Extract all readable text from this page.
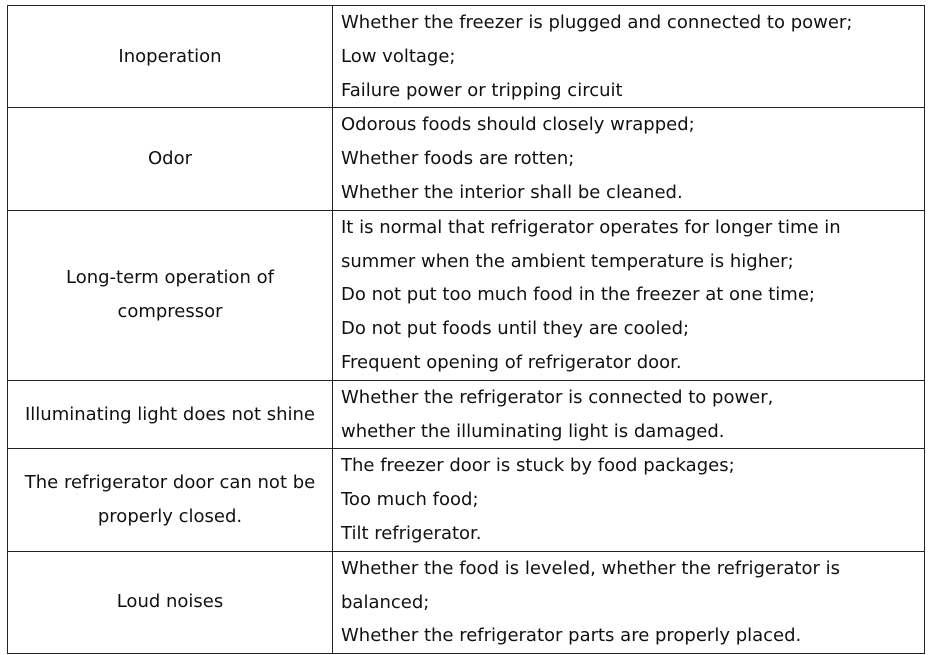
Inoperation	Whether the freezer is plugged and connected to power;
Low voltage;
Failure power or tripping circuit

Odor	Odorous foods should closely wrapped;
Whether foods are rotten;
Whether the interior shall be cleaned.

Long-term operation of compressor	It is normal that refrigerator operates for longer time in
summer when the ambient temperature is higher;
Do not put too much food in the freezer at one time;
Do not put foods until they are cooled;
Frequent opening of refrigerator door.

Illuminating light does not shine	Whether the refrigerator is connected to power,
whether the illuminating light is damaged.

The refrigerator door can not be properly closed.	The freezer door is stuck by food packages;
Too much food;
Tilt refrigerator.

Loud noises	Whether the food is leveled, whether the refrigerator is
balanced;
Whether the refrigerator parts are properly placed.
